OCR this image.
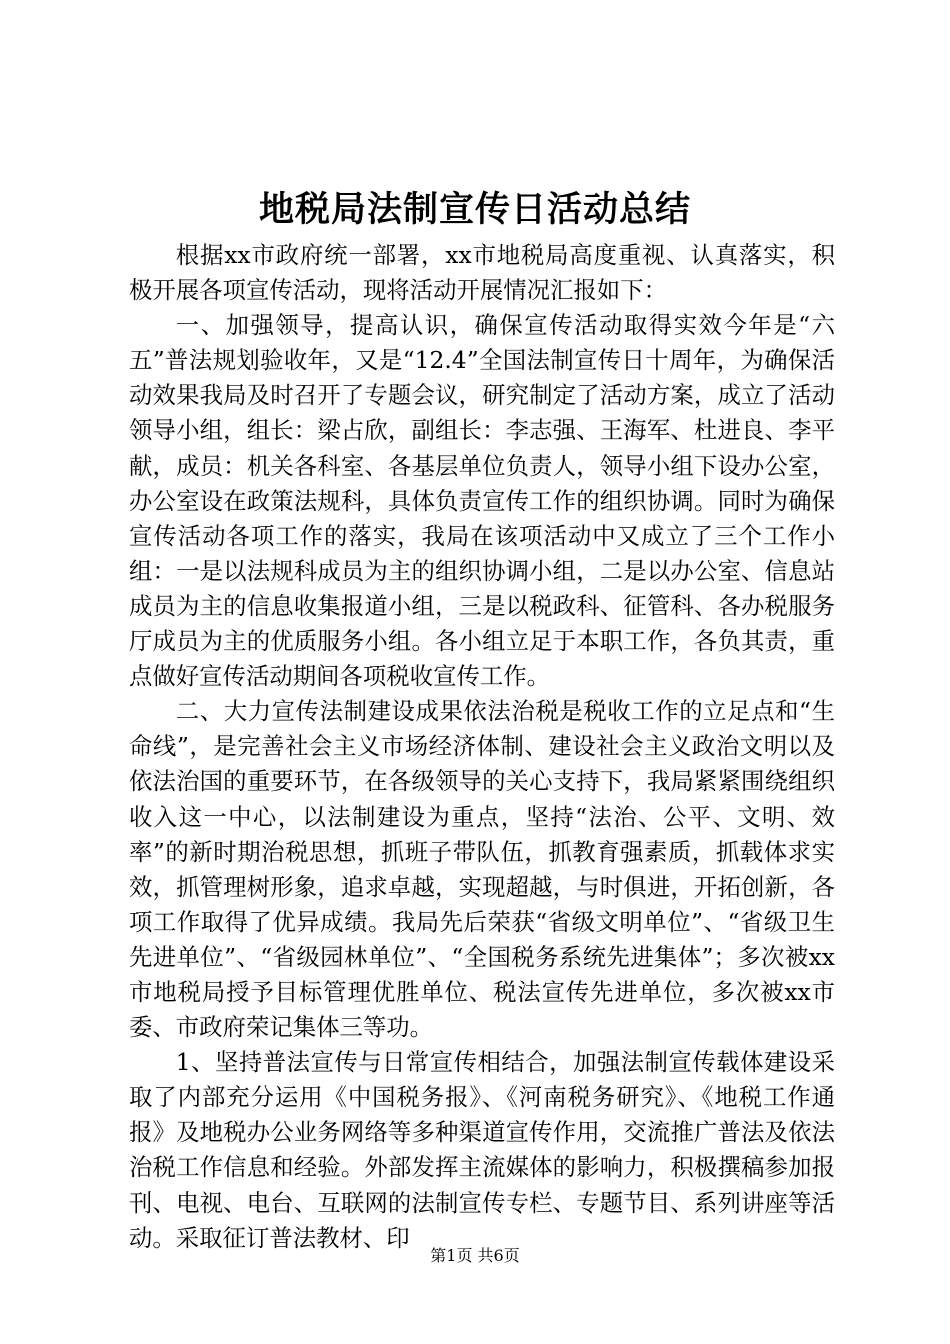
地税局法制宣传日活动总结

根据xx市政府统一部署，xx市地税局高度重视、认真落实，积极开展各项宣传活动，现将活动开展情况汇报如下：

一、加强领导，提高认识，确保宣传活动取得实效今年是“六五”普法规划验收年，又是“12.4”全国法制宣传日十周年，为确保活动效果我局及时召开了专题会议，研究制定了活动方案，成立了活动领导小组，组长：梁占欣，副组长：李志强、王海军、杜进良、李平献，成员：机关各科室、各基层单位负责人，领导小组下设办公室，办公室设在政策法规科，具体负责宣传工作的组织协调。同时为确保宣传活动各项工作的落实，我局在该项活动中又成立了三个工作小组：一是以法规科成员为主的组织协调小组，二是以办公室、信息站成员为主的信息收集报道小组，三是以税政科、征管科、各办税服务厅成员为主的优质服务小组。各小组立足于本职工作，各负其责，重点做好宣传活动期间各项税收宣传工作。

二、大力宣传法制建设成果依法治税是税收工作的立足点和“生命线”，是完善社会主义市场经济体制、建设社会主义政治文明以及依法治国的重要环节，在各级领导的关心支持下，我局紧紧围绕组织收入这一中心，以法制建设为重点，坚持“法治、公平、文明、效率”的新时期治税思想，抓班子带队伍，抓教育强素质，抓载体求实效，抓管理树形象，追求卓越，实现超越，与时俱进，开拓创新，各项工作取得了优异成绩。我局先后荣获“省级文明单位”、“省级卫生先进单位”、“省级园林单位”、“全国税务系统先进集体”；多次被xx市地税局授予目标管理优胜单位、税法宣传先进单位，多次被xx市委、市政府荣记集体三等功。

1、坚持普法宣传与日常宣传相结合，加强法制宣传载体建设采取了内部充分运用《中国税务报》、《河南税务研究》、《地税工作通报》及地税办公业务网络等多种渠道宣传作用，交流推广普法及依法治税工作信息和经验。外部发挥主流媒体的影响力，积极撰稿参加报刊、电视、电台、互联网的法制宣传专栏、专题节目、系列讲座等活动。采取征订普法教材、印

第1页 共6页
